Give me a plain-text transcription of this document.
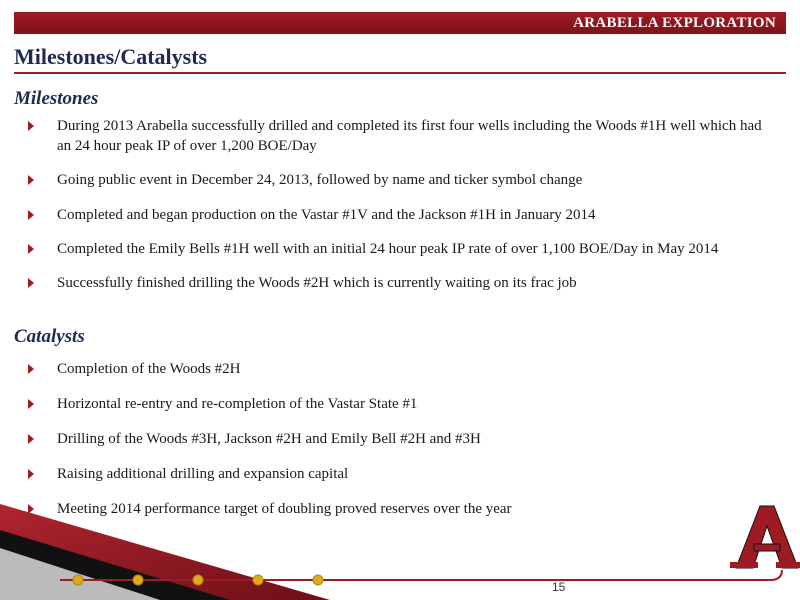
ARABELLA EXPLORATION
Milestones/Catalysts
Milestones
During 2013 Arabella successfully drilled and completed its first four wells including the Woods #1H well which had an 24 hour peak IP of over 1,200 BOE/Day
Going public event in December 24, 2013, followed by name and ticker symbol change
Completed and began production on the Vastar #1V and the Jackson #1H in January 2014
Completed the Emily Bells #1H well with an initial 24 hour peak IP rate of over 1,100 BOE/Day in May 2014
Successfully finished drilling the Woods #2H which is currently waiting on its frac job
Catalysts
Completion of the Woods #2H
Horizontal re-entry and re-completion of the Vastar State #1
Drilling of the Woods #3H, Jackson #2H and Emily Bell #2H and #3H
Raising additional drilling and expansion capital
Meeting 2014 performance target of doubling proved reserves over the year
15
